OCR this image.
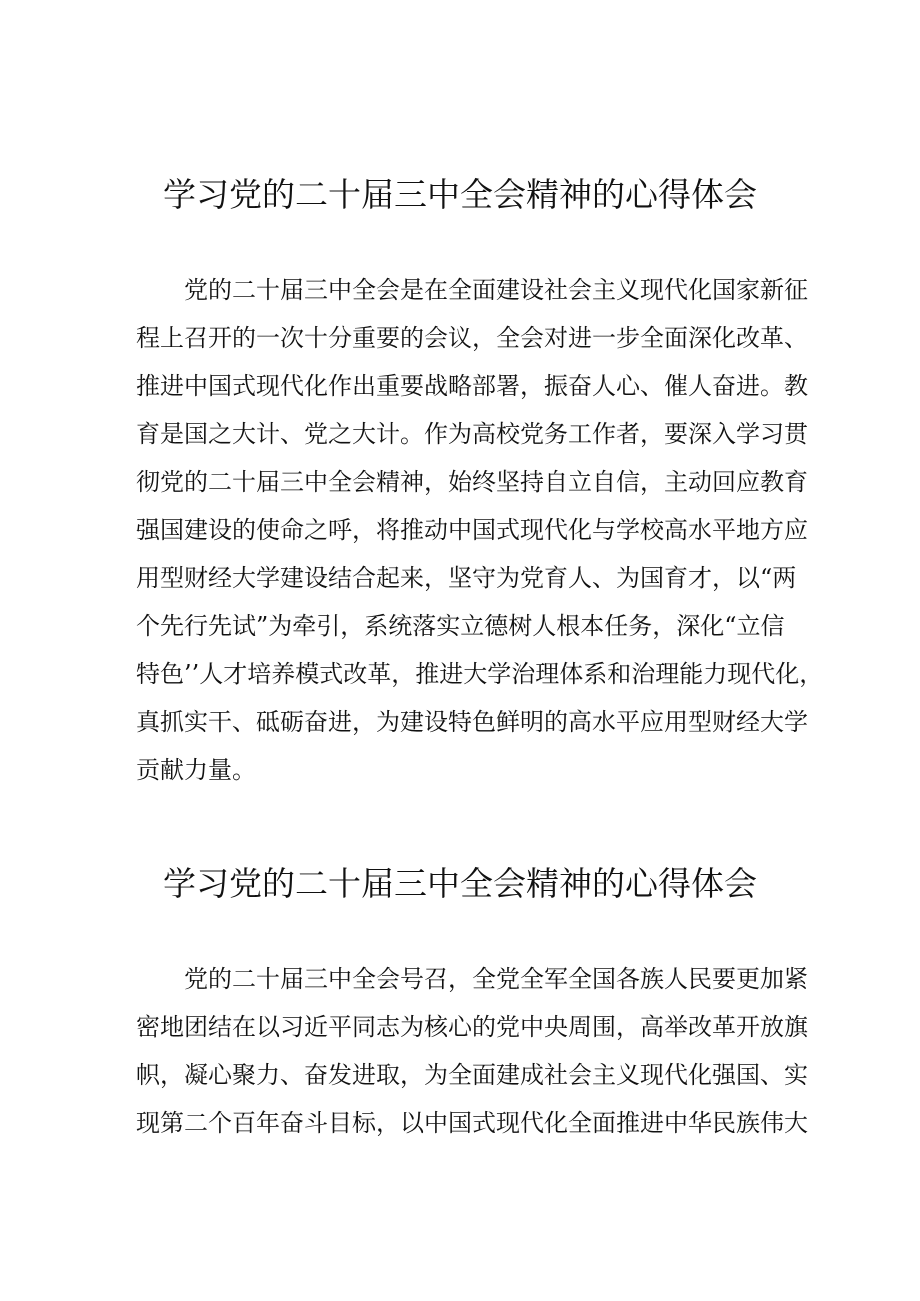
学习党的二十届三中全会精神的心得体会
党的二十届三中全会是在全面建设社会主义现代化国家新征
程上召开的一次十分重要的会议，全会对进一步全面深化改革、
推进中国式现代化作出重要战略部署，振奋人心、催人奋进。教
育是国之大计、党之大计。作为高校党务工作者，要深入学习贯
彻党的二十届三中全会精神，始终坚持自立自信，主动回应教育
强国建设的使命之呼，将推动中国式现代化与学校高水平地方应
用型财经大学建设结合起来，坚守为党育人、为国育才，以“两
个先行先试”为牵引，系统落实立德树人根本任务，深化“立信
特色’’人才培养模式改革，推进大学治理体系和治理能力现代化，
真抓实干、砥砺奋进，为建设特色鲜明的高水平应用型财经大学
贡献力量。
学习党的二十届三中全会精神的心得体会
党的二十届三中全会号召，全党全军全国各族人民要更加紧
密地团结在以习近平同志为核心的党中央周围，高举改革开放旗
帜，凝心聚力、奋发进取，为全面建成社会主义现代化强国、实
现第二个百年奋斗目标，以中国式现代化全面推进中华民族伟大
